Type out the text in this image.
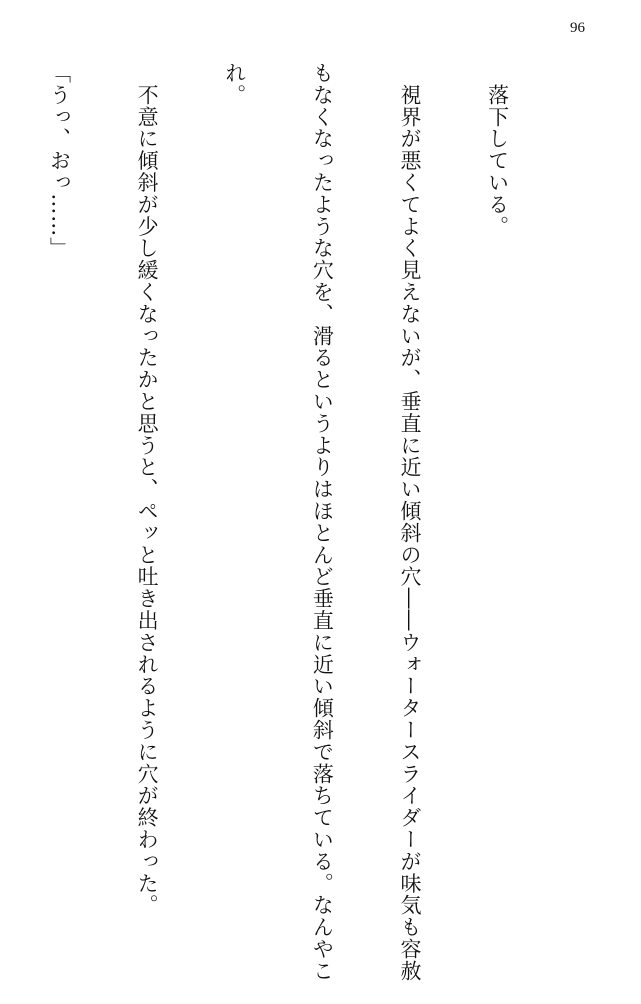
96

　落下している。

　視界が悪くてよく見えないが、垂直に近い傾斜の穴――ウォータースライダーが味気も容赦

もなくなったような穴を、滑るというよりはほとんど垂直に近い傾斜で落ちている。なんやこ

れ。

　不意に傾斜が少し緩くなったかと思うと、ペッと吐き出されるように穴が終わった。

「うっ、おっ……」
